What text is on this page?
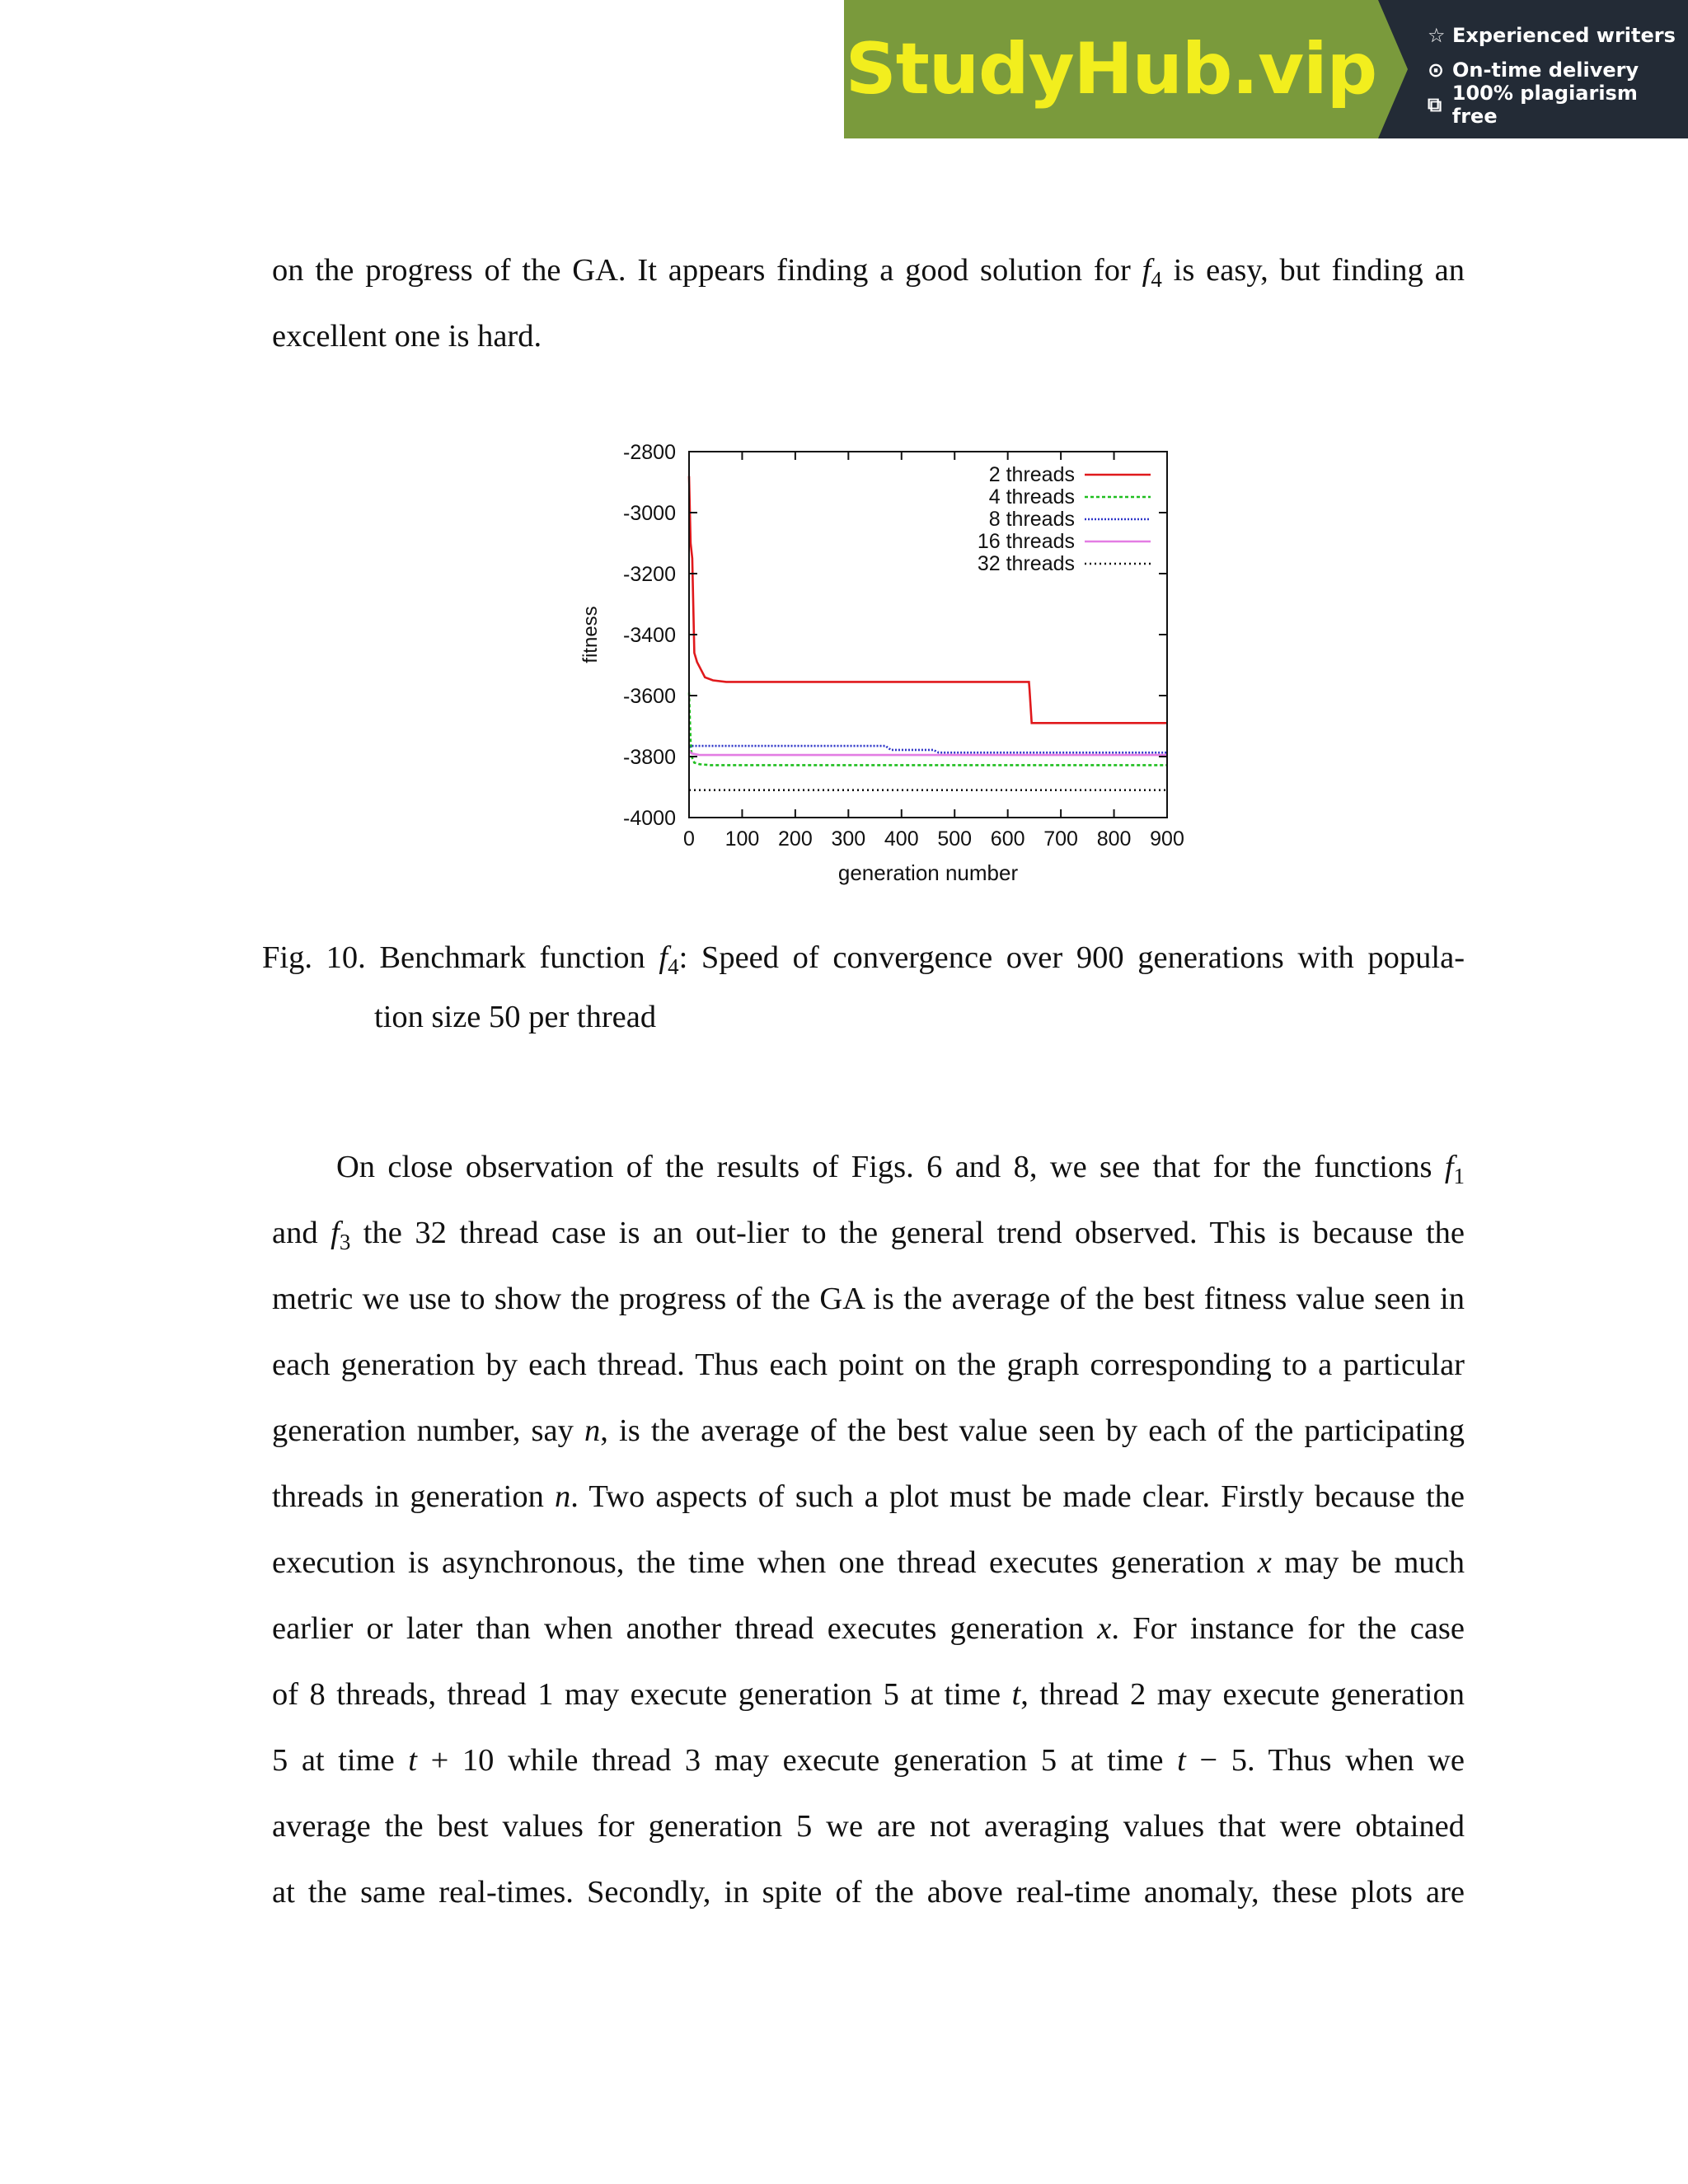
StudyHub.vip	☆ Experienced writers
⊙ On-time delivery
⧉ 100% plagiarism free
on the progress of the GA. It appears finding a good solution for $f_4$ is easy, but finding an
excellent one is hard.
-2800
-3000
-3200
-3400
-3600
-3800
-4000
0 100 200 300 400 500 600 700 800 900
fitness
generation number
2 threads
4 threads
8 threads
16 threads
32 threads
Fig. 10. Benchmark function $f_4$: Speed of convergence over 900 generations with popula-
tion size 50 per thread
On close observation of the results of Figs. 6 and 8, we see that for the functions $f_1$
and $f_3$ the 32 thread case is an out-lier to the general trend observed. This is because the
metric we use to show the progress of the GA is the average of the best fitness value seen in
each generation by each thread. Thus each point on the graph corresponding to a particular
generation number, say n, is the average of the best value seen by each of the participating
threads in generation n. Two aspects of such a plot must be made clear. Firstly because the
execution is asynchronous, the time when one thread executes generation x may be much
earlier or later than when another thread executes generation x. For instance for the case
of 8 threads, thread 1 may execute generation 5 at time t, thread 2 may execute generation
5 at time t + 10 while thread 3 may execute generation 5 at time t − 5. Thus when we
average the best values for generation 5 we are not averaging values that were obtained
at the same real-times. Secondly, in spite of the above real-time anomaly, these plots are
